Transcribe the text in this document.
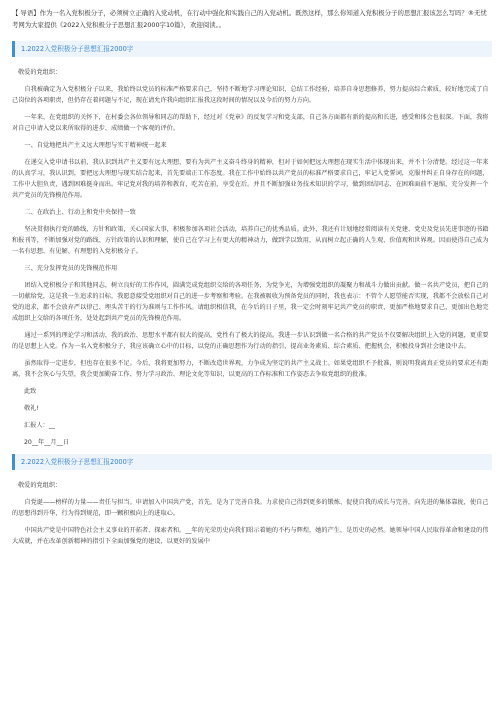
【 导语】作为一名入党积极分子，必须树立正确的入党动机，在行动中强化和实践自己的入党动机。既然这样，那么你知道入党积极分子的思想汇报该怎么写吗？®无忧考网为大家提供《2022入党积极分子思想汇报2000字10篇》，欢迎阅读。。

1.2022入党积极分子思想汇报2000字

敬爱的党组织：

自我被确定为入党积极分子以来，我始终以党员的标准严格要求自己，坚持不断地学习理论知识、总结工作经验，培养自身思想修养，努力提高综合素质，较好地完成了自己岗位的各项职责，但仍存在着问题与不足，现在请允许我向组织汇报我这段时间的情况以及今后的努力方向。

一年来，在党组织的关怀下，在村委会各位领导和同志的帮助下，经过对《党章》的反复学习和党支部，自己各方面都有新的提高和长进，感受和体会也很深。下面，我将对自己申请入党以来所取得的进步、成绩做一个客观的评价。

一、自觉地把共产主义远大理想与实干精神统一起来

在递交入党申请书以前，我认识到共产主义要有远大理想，要有为共产主义奋斗终身的精神，但对于如何把远大理想在现实生活中体现出来，并不十分清楚。经过这一年来的认真学习，我认识到，要把远大理想与现实结合起来，首先要端正工作态度。我在工作中始终以共产党员的标准严格要求自己，牢记入党誓词，克服并纠正自身存在的问题，工作中大胆负责，遇到困难挺身而出。牢记党对我的培养和教育，吃苦在前，享受在后。并且不断加强业务技术知识的学习，做到团结同志、在困难面前不退缩，充分发挥一个共产党员的先锋模范作用。

二、在政治上、行动上和党中央保持一致

坚决贯彻执行党的路线、方针和政策，关心国家大事，积极参加各项社会活动，培养自己的优秀品质。此外，我还有计划地经常阅读有关党建、党史及党员先进事迹的书籍和报刊等，不断加强对党的路线、方针政策的认识和理解，使自己在学习上有更大的精神动力，做到学以致用，从而树立起正确的人生观、价值观和世界观。因而使得自己成为一名有思想、有见解、有理想的入党积极分子。

三、充分发挥党员的先锋模范作用

团结入党积极分子和其他同志，树立良好的工作作风，圆满完成党组织交给的各项任务，为党争光，为增强党组织的凝聚力和战斗力做出贡献。做一名共产党员，把自己的一切献给党，这是我一生追求的目标，我愿意接受党组织对自己的进一步考察和考验。在我被吸收为预备党员的同时，我也表示：不管个人愿望能否实现，我都不会放松自己对党的追求，都不会放弃严以律己、埋头苦干的行为准则与工作作风。请组织相信我，在今后的日子里，我一定会时刻牢记共产党员的职责，更加严格地要求自己，更加出色地完成组织上交给的各项任务，处处起到共产党员的先锋模范作用。

通过一系列的理论学习和活动，我的政治、思想水平都有很大的提高，党性有了极大的提高。我进一步认识到做一名合格的共产党员不仅要解决组织上入党的问题，更重要的是思想上入党。作为一名入党积极分子，我应该确立心中的目标，以党的正确思想作为行动的指引，提高业务素质、综合素质、把握机会，积极投身到社会建设中去。

虽然取得一定进步，但也存在很多不足。今后，我将更加努力，不断改造世界观，力争成为坚定的共产主义战士。如果党组织不予批准，则说明我离真正党员的要求还有距离，我不会灰心与失望，我会更加勤奋工作、努力学习政治、理论文化等知识，以更高的工作标准和工作姿态去争取党组织的批准。

此致

敬礼!

汇报人：__

20__年__月__日

2.2022入党积极分子思想汇报2000字

敬爱的党组织：

自党诞——榜样的力量——责任与担当。申请加入中国共产党，首先，是为了完善自我。力求使自己得到更多的锻炼、促使自我的成长与完善，向先进的集体靠拢，使自己的思想得到升华，行为得到规范，即一颗积极向上的进取心。

中国共产党是中国特色社会主义事业的开拓者、探索者和。__年的光荣历史向我们昭示着她的不朽与辉煌，她的产生，是历史的必然。她领导中国人民取得革命和建设的伟大成就，并在改革创新精神的指引下全面加强党的建设，以更好的发展中
